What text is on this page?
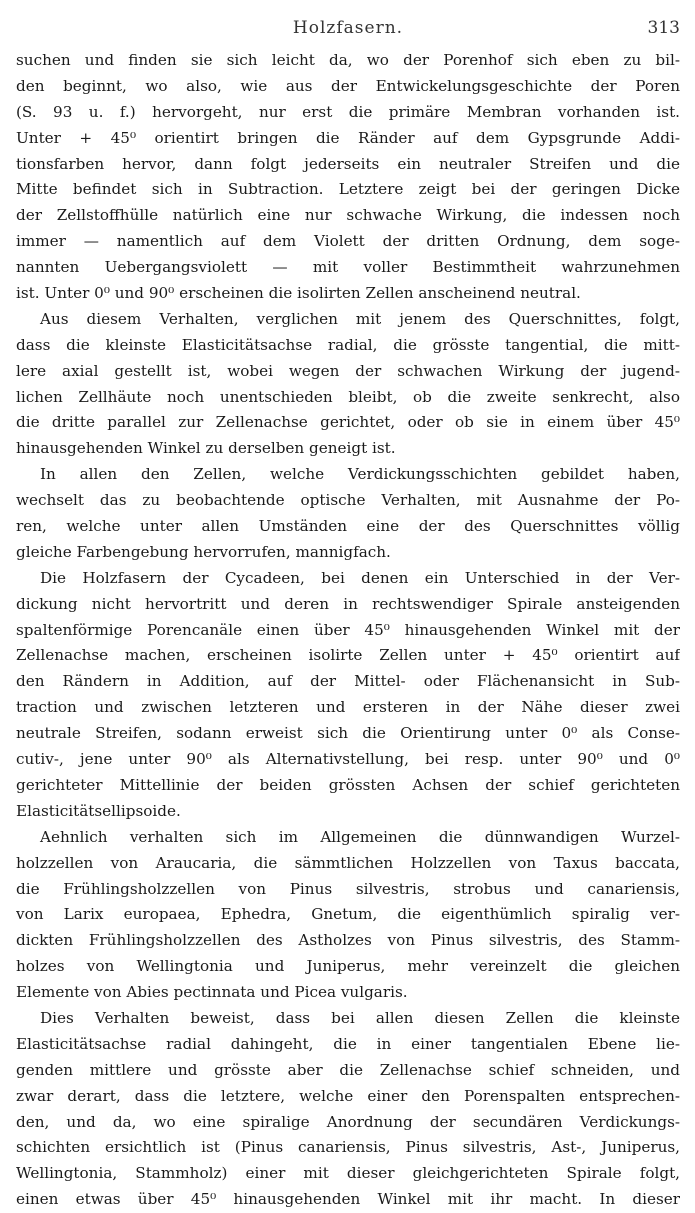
Holzfasern.	313
suchen und finden sie sich leicht da, wo der Porenhof sich eben zu bil-
den beginnt, wo also, wie aus der Entwickelungsgeschichte der Poren
(S. 93 u. f.) hervorgeht, nur erst die primäre Membran vorhanden ist.
Unter + 45⁰ orientirt bringen die Ränder auf dem Gypsgrunde Addi-
tionsfarben hervor, dann folgt jederseits ein neutraler Streifen und die
Mitte befindet sich in Subtraction. Letztere zeigt bei der geringen Dicke
der Zellstoffhülle natürlich eine nur schwache Wirkung, die indessen noch
immer — namentlich auf dem Violett der dritten Ordnung, dem soge-
nannten Uebergangsviolett — mit voller Bestimmtheit wahrzunehmen
ist. Unter 0⁰ und 90⁰ erscheinen die isolirten Zellen anscheinend neutral.
Aus diesem Verhalten, verglichen mit jenem des Querschnittes, folgt,
dass die kleinste Elasticitätsachse radial, die grösste tangential, die mitt-
lere axial gestellt ist, wobei wegen der schwachen Wirkung der jugend-
lichen Zellhäute noch unentschieden bleibt, ob die zweite senkrecht, also
die dritte parallel zur Zellenachse gerichtet, oder ob sie in einem über 45⁰
hinausgehenden Winkel zu derselben geneigt ist.
In allen den Zellen, welche Verdickungsschichten gebildet haben,
wechselt das zu beobachtende optische Verhalten, mit Ausnahme der Po-
ren, welche unter allen Umständen eine der des Querschnittes völlig
gleiche Farbengebung hervorrufen, mannigfach.
Die Holzfasern der Cycadeen, bei denen ein Unterschied in der Ver-
dickung nicht hervortritt und deren in rechtswendiger Spirale ansteigenden
spaltenförmige Porencanäle einen über 45⁰ hinausgehenden Winkel mit der
Zellenachse machen, erscheinen isolirte Zellen unter + 45⁰ orientirt auf
den Rändern in Addition, auf der Mittel- oder Flächenansicht in Sub-
traction und zwischen letzteren und ersteren in der Nähe dieser zwei
neutrale Streifen, sodann erweist sich die Orientirung unter 0⁰ als Conse-
cutiv-, jene unter 90⁰ als Alternativstellung, bei resp. unter 90⁰ und 0⁰
gerichteter Mittellinie der beiden grössten Achsen der schief gerichteten
Elasticitätsellipsoide.
Aehnlich verhalten sich im Allgemeinen die dünnwandigen Wurzel-
holzzellen von Araucaria, die sämmtlichen Holzzellen von Taxus baccata,
die Frühlingsholzzellen von Pinus silvestris, strobus und canariensis,
von Larix europaea, Ephedra, Gnetum, die eigenthümlich spiralig ver-
dickten Frühlingsholzzellen des Astholzes von Pinus silvestris, des Stamm-
holzes von Wellingtonia und Juniperus, mehr vereinzelt die gleichen
Elemente von Abies pectinnata und Picea vulgaris.
Dies Verhalten beweist, dass bei allen diesen Zellen die kleinste
Elasticitätsachse radial dahingeht, die in einer tangentialen Ebene lie-
genden mittlere und grösste aber die Zellenachse schief schneiden, und
zwar derart, dass die letztere, welche einer den Porenspalten entsprechen-
den, und da, wo eine spiralige Anordnung der secundären Verdickungs-
schichten ersichtlich ist (Pinus canariensis, Pinus silvestris, Ast-, Juniperus,
Wellingtonia, Stammholz) einer mit dieser gleichgerichteten Spirale folgt,
einen etwas über 45⁰ hinausgehenden Winkel mit ihr macht. In dieser
